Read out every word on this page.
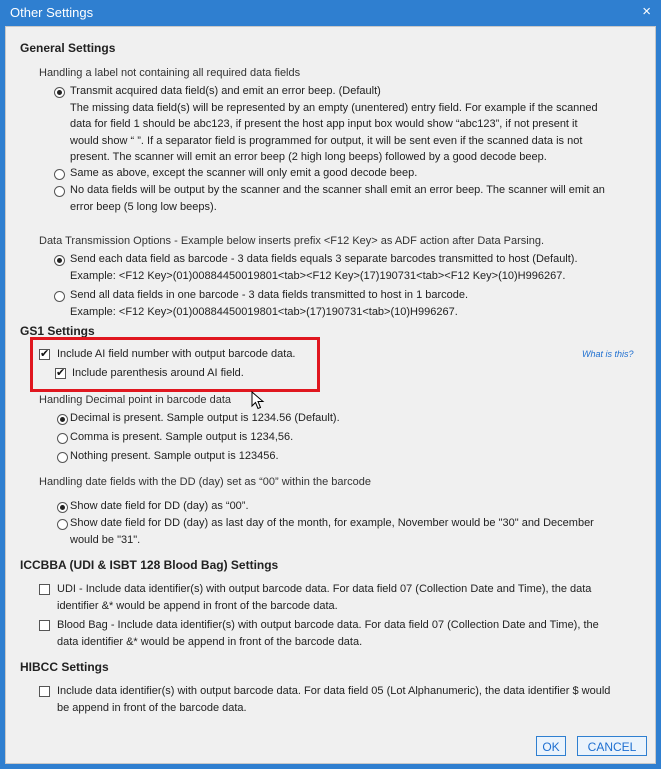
Other Settings	×
General Settings
Handling a label not containing all required data fields
Transmit acquired data field(s) and emit an error beep. (Default)
The missing data field(s) will be represented by an empty (unentered) entry field. For example if the scanned
data for field 1 should be abc123, if present the host app input box would show “abc123”, if not present it
would show “ ”. If a separator field is programmed for output, it will be sent even if the scanned data is not
present. The scanner will emit an error beep (2 high long beeps) followed by a good decode beep.
Same as above, except the scanner will only emit a good decode beep.
No data fields will be output by the scanner and the scanner shall emit an error beep. The scanner will emit an
error beep (5 long low beeps).
Data Transmission Options - Example below inserts prefix <F12 Key> as ADF action after Data Parsing.
Send each data field as barcode - 3 data fields equals 3 separate barcodes transmitted to host (Default).
Example: <F12 Key>(01)00884450019801<tab><F12 Key>(17)190731<tab><F12 Key>(10)H996267.
Send all data fields in one barcode - 3 data fields transmitted to host in 1 barcode.
Example: <F12 Key>(01)00884450019801<tab>(17)190731<tab>(10)H996267.
GS1 Settings
✔
Include AI field number with output barcode data.
✔
Include parenthesis around AI field.
What is this?
Handling Decimal point in barcode data
Decimal is present. Sample output is 1234.56 (Default).
Comma is present. Sample output is 1234,56.
Nothing present. Sample output is 123456.
Handling date fields with the DD (day) set as “00” within the barcode
Show date field for DD (day) as “00”.
Show date field for DD (day) as last day of the month, for example, November would be "30" and December
would be "31".
ICCBBA (UDI & ISBT 128 Blood Bag) Settings
UDI - Include data identifier(s) with output barcode data. For data field 07 (Collection Date and Time), the data
identifier &* would be append in front of the barcode data.
Blood Bag - Include data identifier(s) with output barcode data. For data field 07 (Collection Date and Time), the
data identifier &* would be append in front of the barcode data.
HIBCC Settings
Include data identifier(s) with output barcode data. For data field 05 (Lot Alphanumeric), the data identifier $ would
be append in front of the barcode data.
OK	CANCEL
